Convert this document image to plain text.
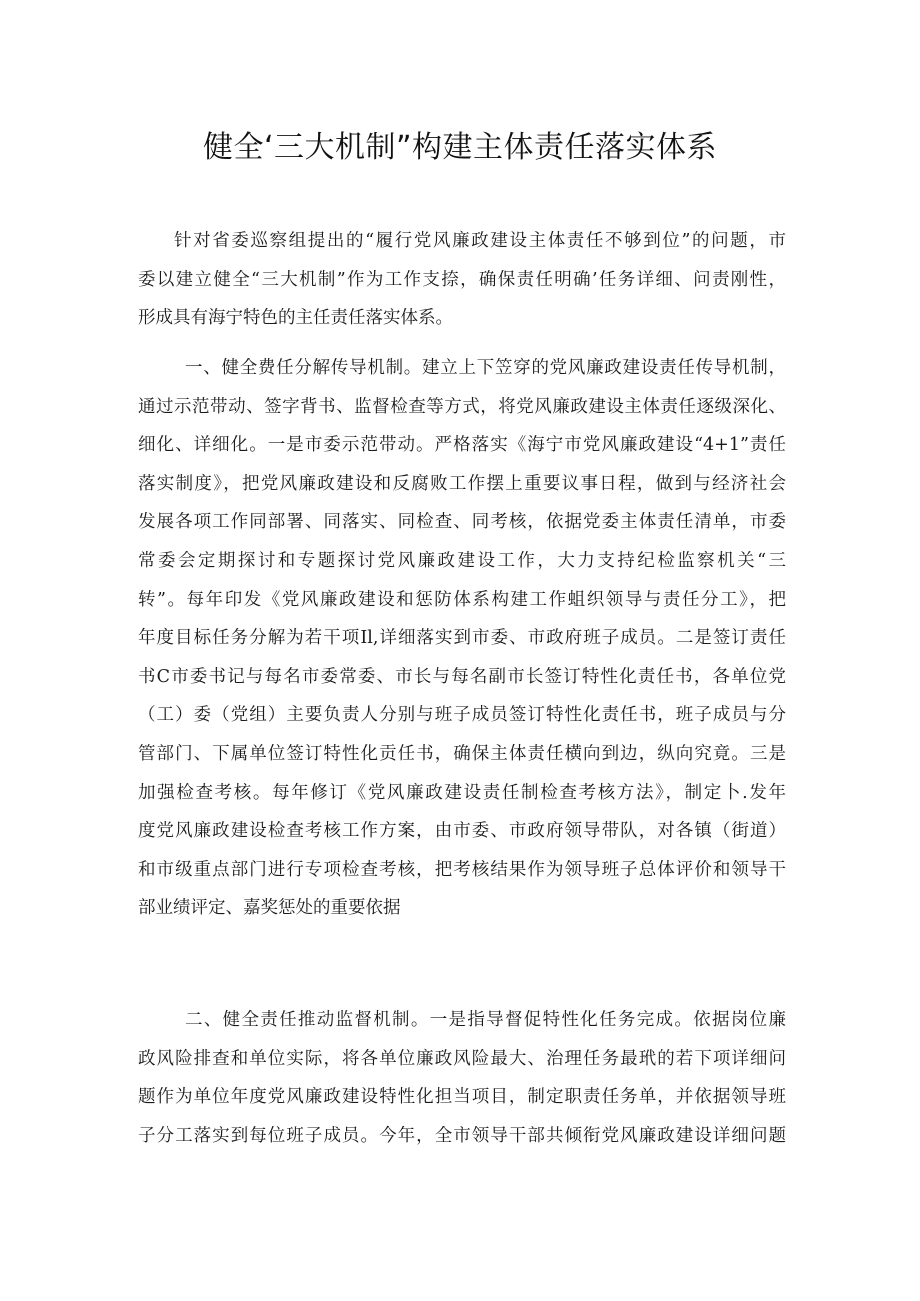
健全‘三大机制”构建主体责任落实体系
针对省委巡察组提出的“履行党风廉政建设主体责任不够到位”的问题，市
委以建立健全“三大机制”作为工作支捺，确保责任明确’任务详细、问责刚性，
形成具有海宁特色的主任责任落实体系。
一、健全费任分解传导机制。建立上下笠穿的党风廉政建设责任传导机制，
通过示范带动、签字背书、监督检查等方式，将党风廉政建设主体责任逐级深化、
细化、详细化。一是市委示范带动。严格落实《海宁市党风廉政建设“4+1”责任
落实制度》，把党风廉政建设和反腐败工作摆上重要议事日程，做到与经济社会
发展各项工作同部署、同落实、同检查、同考核，依据党委主体责任清单，市委
常委会定期探讨和专题探讨党风廉政建设工作，大力支持纪检监察机关“三
转”。每年印发《党风廉政建设和惩防体系构建工作蛆织领导与责任分工》，把
年度目标任务分解为若干项Il,详细落实到市委、市政府班子成员。二是签订责任
书C市委书记与每名市委常委、市长与每名副市长签订特性化责任书，各单位党
（工）委（党组）主要负责人分别与班子成员签订特性化责任书，班子成员与分
管部门、下属单位签订特性化贡任书，确保主体责任横向到边，纵向究竟。三是
加强检查考核。每年修订《党风廉政建设责任制检查考核方法》，制定卜.发年
度党风廉政建设检查考核工作方案，由市委、市政府领导带队，对各镇（街道）
和市级重点部门进行专项检查考核，把考核结果作为领导班子总体评价和领导干
部业绩评定、嘉奖惩处的重要依据
二、健全责任推动监督机制。一是指导督促特性化任务完成。依据岗位廉
政风险排查和单位实际，将各单位廉政风险最大、治理任务最玳的若下项详细问
题作为单位年度党风廉政建设特性化担当项目，制定职责任务单，并依据领导班
子分工落实到每位班子成员。今年，全市领导干部共倾衔党风廉政建设详细问题
